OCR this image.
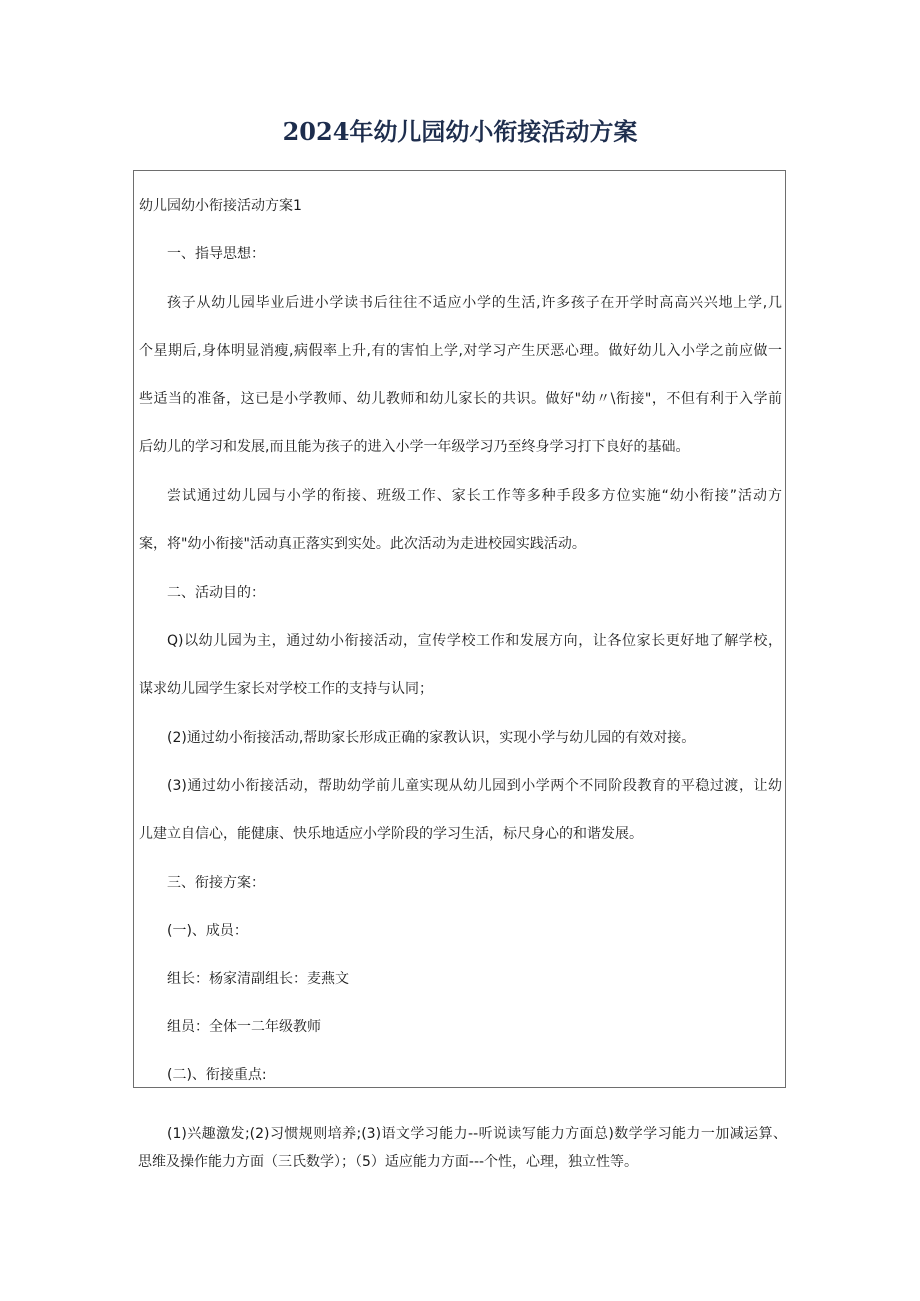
2024年幼儿园幼小衔接活动方案

幼儿园幼小衔接活动方案1

一、指导思想：

孩子从幼儿园毕业后进小学读书后往往不适应小学的生活,许多孩子在开学时高高兴兴地上学,几

个星期后,身体明显消瘦,病假率上升,有的害怕上学,对学习产生厌恶心理。做好幼儿入小学之前应做一

些适当的准备，这已是小学教师、幼儿教师和幼儿家长的共识。做好"幼〃\衔接"，不但有利于入学前

后幼儿的学习和发展,而且能为孩子的进入小学一年级学习乃至终身学习打下良好的基础。

尝试通过幼儿园与小学的衔接、班级工作、家长工作等多种手段多方位实施“幼小衔接”活动方

案，将"幼小衔接"活动真正落实到实处。此次活动为走进校园实践活动。

二、活动目的：

Q)以幼儿园为主，通过幼小衔接活动，宣传学校工作和发展方向，让各位家长更好地了解学校，

谋求幼儿园学生家长对学校工作的支持与认同；

(2)通过幼小衔接活动,帮助家长形成正确的家教认识，实现小学与幼儿园的有效对接。

(3)通过幼小衔接活动，帮助幼学前儿童实现从幼儿园到小学两个不同阶段教育的平稳过渡，让幼

儿建立自信心，能健康、快乐地适应小学阶段的学习生活，标尺身心的和谐发展。

三、衔接方案：

(一)、成员：

组长：杨家清副组长：麦燕文

组员：全体一二年级教师

(二)、衔接重点:

(1)兴趣激发;(2)习惯规则培养;(3)语文学习能力--听说读写能力方面总)数学学习能力一加减运算、

思维及操作能力方面（三氏数学）；（5）适应能力方面---个性，心理，独立性等。
